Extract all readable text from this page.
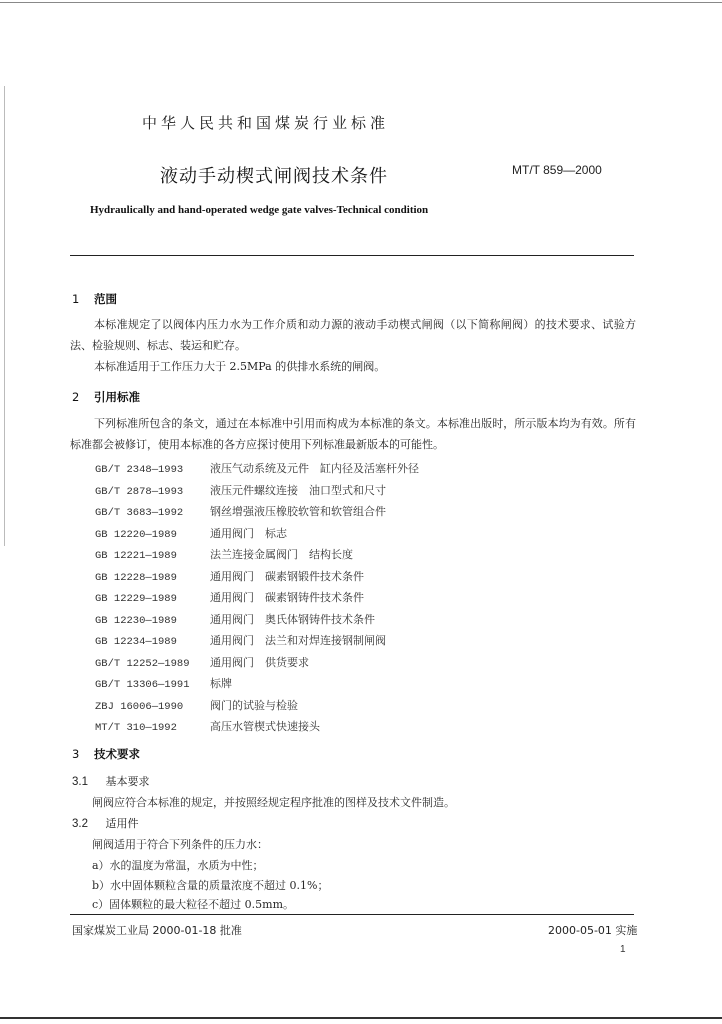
中华人民共和国煤炭行业标准
液动手动楔式闸阀技术条件	MT/T 859—2000
Hydraulically and hand-operated wedge gate valves-Technical condition
1 范围
本标准规定了以阀体内压力水为工作介质和动力源的液动手动楔式闸阀（以下简称闸阀）的技术要求、试验方法、检验规则、标志、装运和贮存。
本标准适用于工作压力大于 2.5MPa 的供排水系统的闸阀。
2 引用标准
下列标准所包含的条文，通过在本标准中引用而构成为本标准的条文。本标准出版时，所示版本均为有效。所有标准都会被修订，使用本标准的各方应探讨使用下列标准最新版本的可能性。
GB/T 2348—1993 液压气动系统及元件　缸内径及活塞杆外径
GB/T 2878—1993 液压元件螺纹连接　油口型式和尺寸
GB/T 3683—1992 钢丝增强液压橡胶软管和软管组合件
GB 12220—1989	通用阀门　标志
GB 12221—1989	法兰连接金属阀门　结构长度
GB 12228—1989	通用阀门　碳素钢锻件技术条件
GB 12229—1989	通用阀门　碳素钢铸件技术条件
GB 12230—1989	通用阀门　奥氏体钢铸件技术条件
GB 12234—1989	通用阀门　法兰和对焊连接钢制闸阀
GB/T 12252—1989 通用阀门　供货要求
GB/T 13306—1991 标牌
ZBJ 16006—1990 阀门的试验与检验
MT/T 310—1992	高压水管楔式快速接头
3 技术要求
3.1 基本要求
闸阀应符合本标准的规定，并按照经规定程序批准的图样及技术文件制造。
3.2 适用件
闸阀适用于符合下列条件的压力水：
a）水的温度为常温，水质为中性；
b）水中固体颗粒含量的质量浓度不超过 0.1%；
c）固体颗粒的最大粒径不超过 0.5mm。
国家煤炭工业局 2000-01-18 批准	2000-05-01 实施
1
